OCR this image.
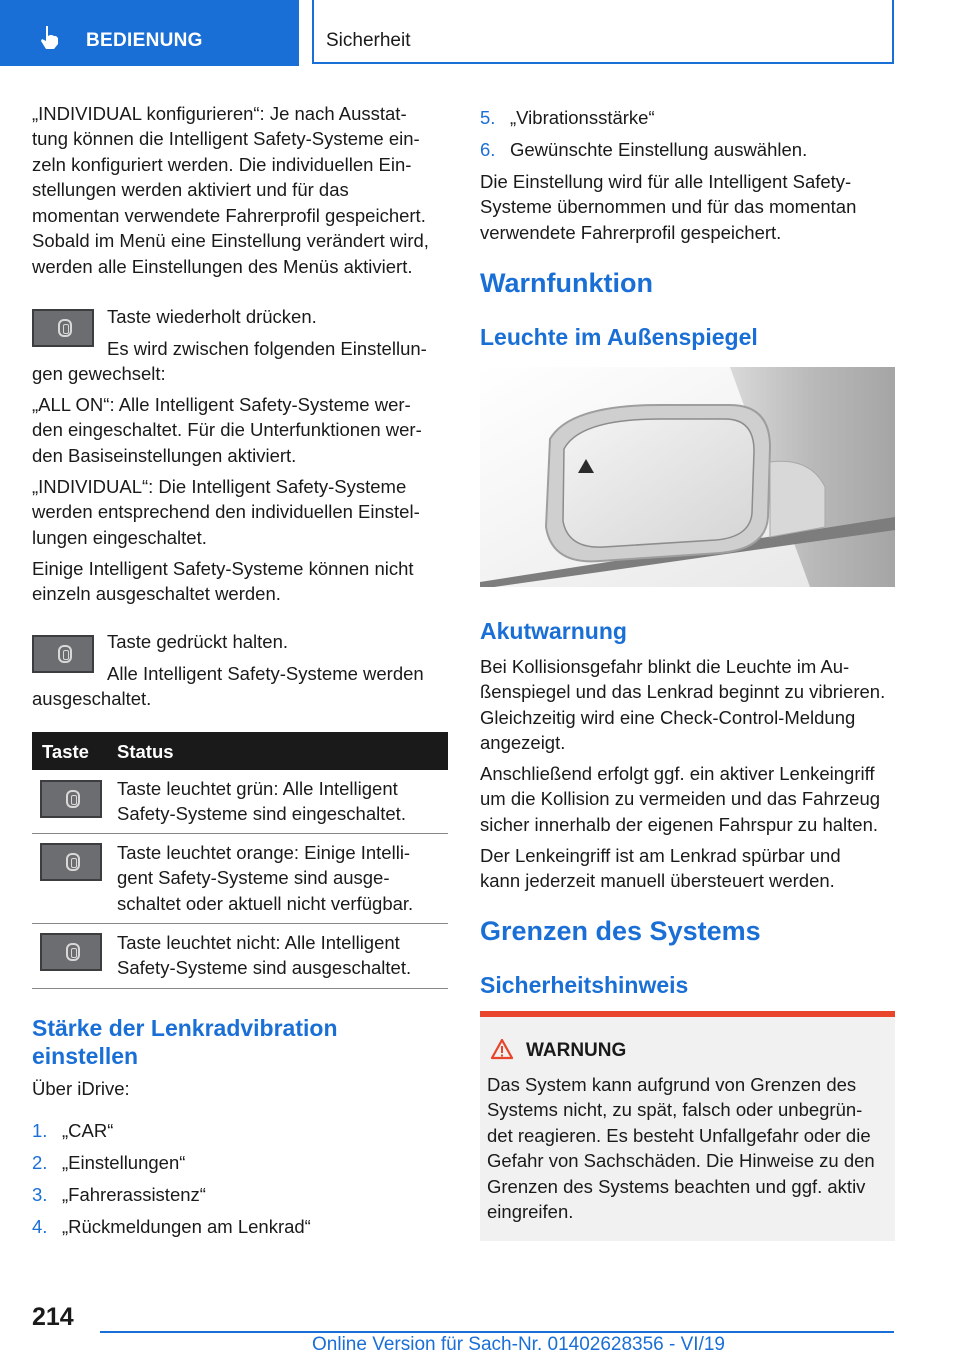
BEDIENUNG	Sicherheit

„INDIVIDUAL konfigurieren“: Je nach Ausstat-

tung können die Intelligent Safety-Systeme ein-

zeln konfiguriert werden. Die individuellen Ein-

stellungen werden aktiviert und für das

momentan verwendete Fahrerprofil gespeichert.

Sobald im Menü eine Einstellung verändert wird,

werden alle Einstellungen des Menüs aktiviert.

Taste wiederholt drücken.

Es wird zwischen folgenden Einstellun-

gen gewechselt:

„ALL ON“: Alle Intelligent Safety-Systeme wer-

den eingeschaltet. Für die Unterfunktionen wer-

den Basiseinstellungen aktiviert.

„INDIVIDUAL“: Die Intelligent Safety-Systeme

werden entsprechend den individuellen Einstel-

lungen eingeschaltet.

Einige Intelligent Safety-Systeme können nicht

einzeln ausgeschaltet werden.

Taste gedrückt halten.

Alle Intelligent Safety-Systeme werden

ausgeschaltet.

Taste Status

Taste leuchtet grün: Alle Intelligent

Safety-Systeme sind eingeschaltet.

Taste leuchtet orange: Einige Intelli-

gent Safety-Systeme sind ausge-

schaltet oder aktuell nicht verfügbar.

Taste leuchtet nicht: Alle Intelligent

Safety-Systeme sind ausgeschaltet.

Stärke der Lenkradvibration
einstellen

Über iDrive:

1. „CAR“
2. „Einstellungen“
3. „Fahrerassistenz“
4. „Rückmeldungen am Lenkrad“
5. „Vibrationsstärke“
6. Gewünschte Einstellung auswählen.

Die Einstellung wird für alle Intelligent Safety-

Systeme übernommen und für das momentan

verwendete Fahrerprofil gespeichert.

Warnfunktion
Leuchte im Außenspiegel
Akutwarnung

Bei Kollisionsgefahr blinkt die Leuchte im Au-

ßenspiegel und das Lenkrad beginnt zu vibrieren.

Gleichzeitig wird eine Check-Control-Meldung

angezeigt.

Anschließend erfolgt ggf. ein aktiver Lenkeingriff

um die Kollision zu vermeiden und das Fahrzeug

sicher innerhalb der eigenen Fahrspur zu halten.

Der Lenkeingriff ist am Lenkrad spürbar und

kann jederzeit manuell übersteuert werden.

Grenzen des Systems
Sicherheitshinweis
WARNUNG

Das System kann aufgrund von Grenzen des

Systems nicht, zu spät, falsch oder unbegrün-

det reagieren. Es besteht Unfallgefahr oder die

Gefahr von Sachschäden. Die Hinweise zu den

Grenzen des Systems beachten und ggf. aktiv

eingreifen.

214
Online Version für Sach-Nr. 01402628356 - VI/19
